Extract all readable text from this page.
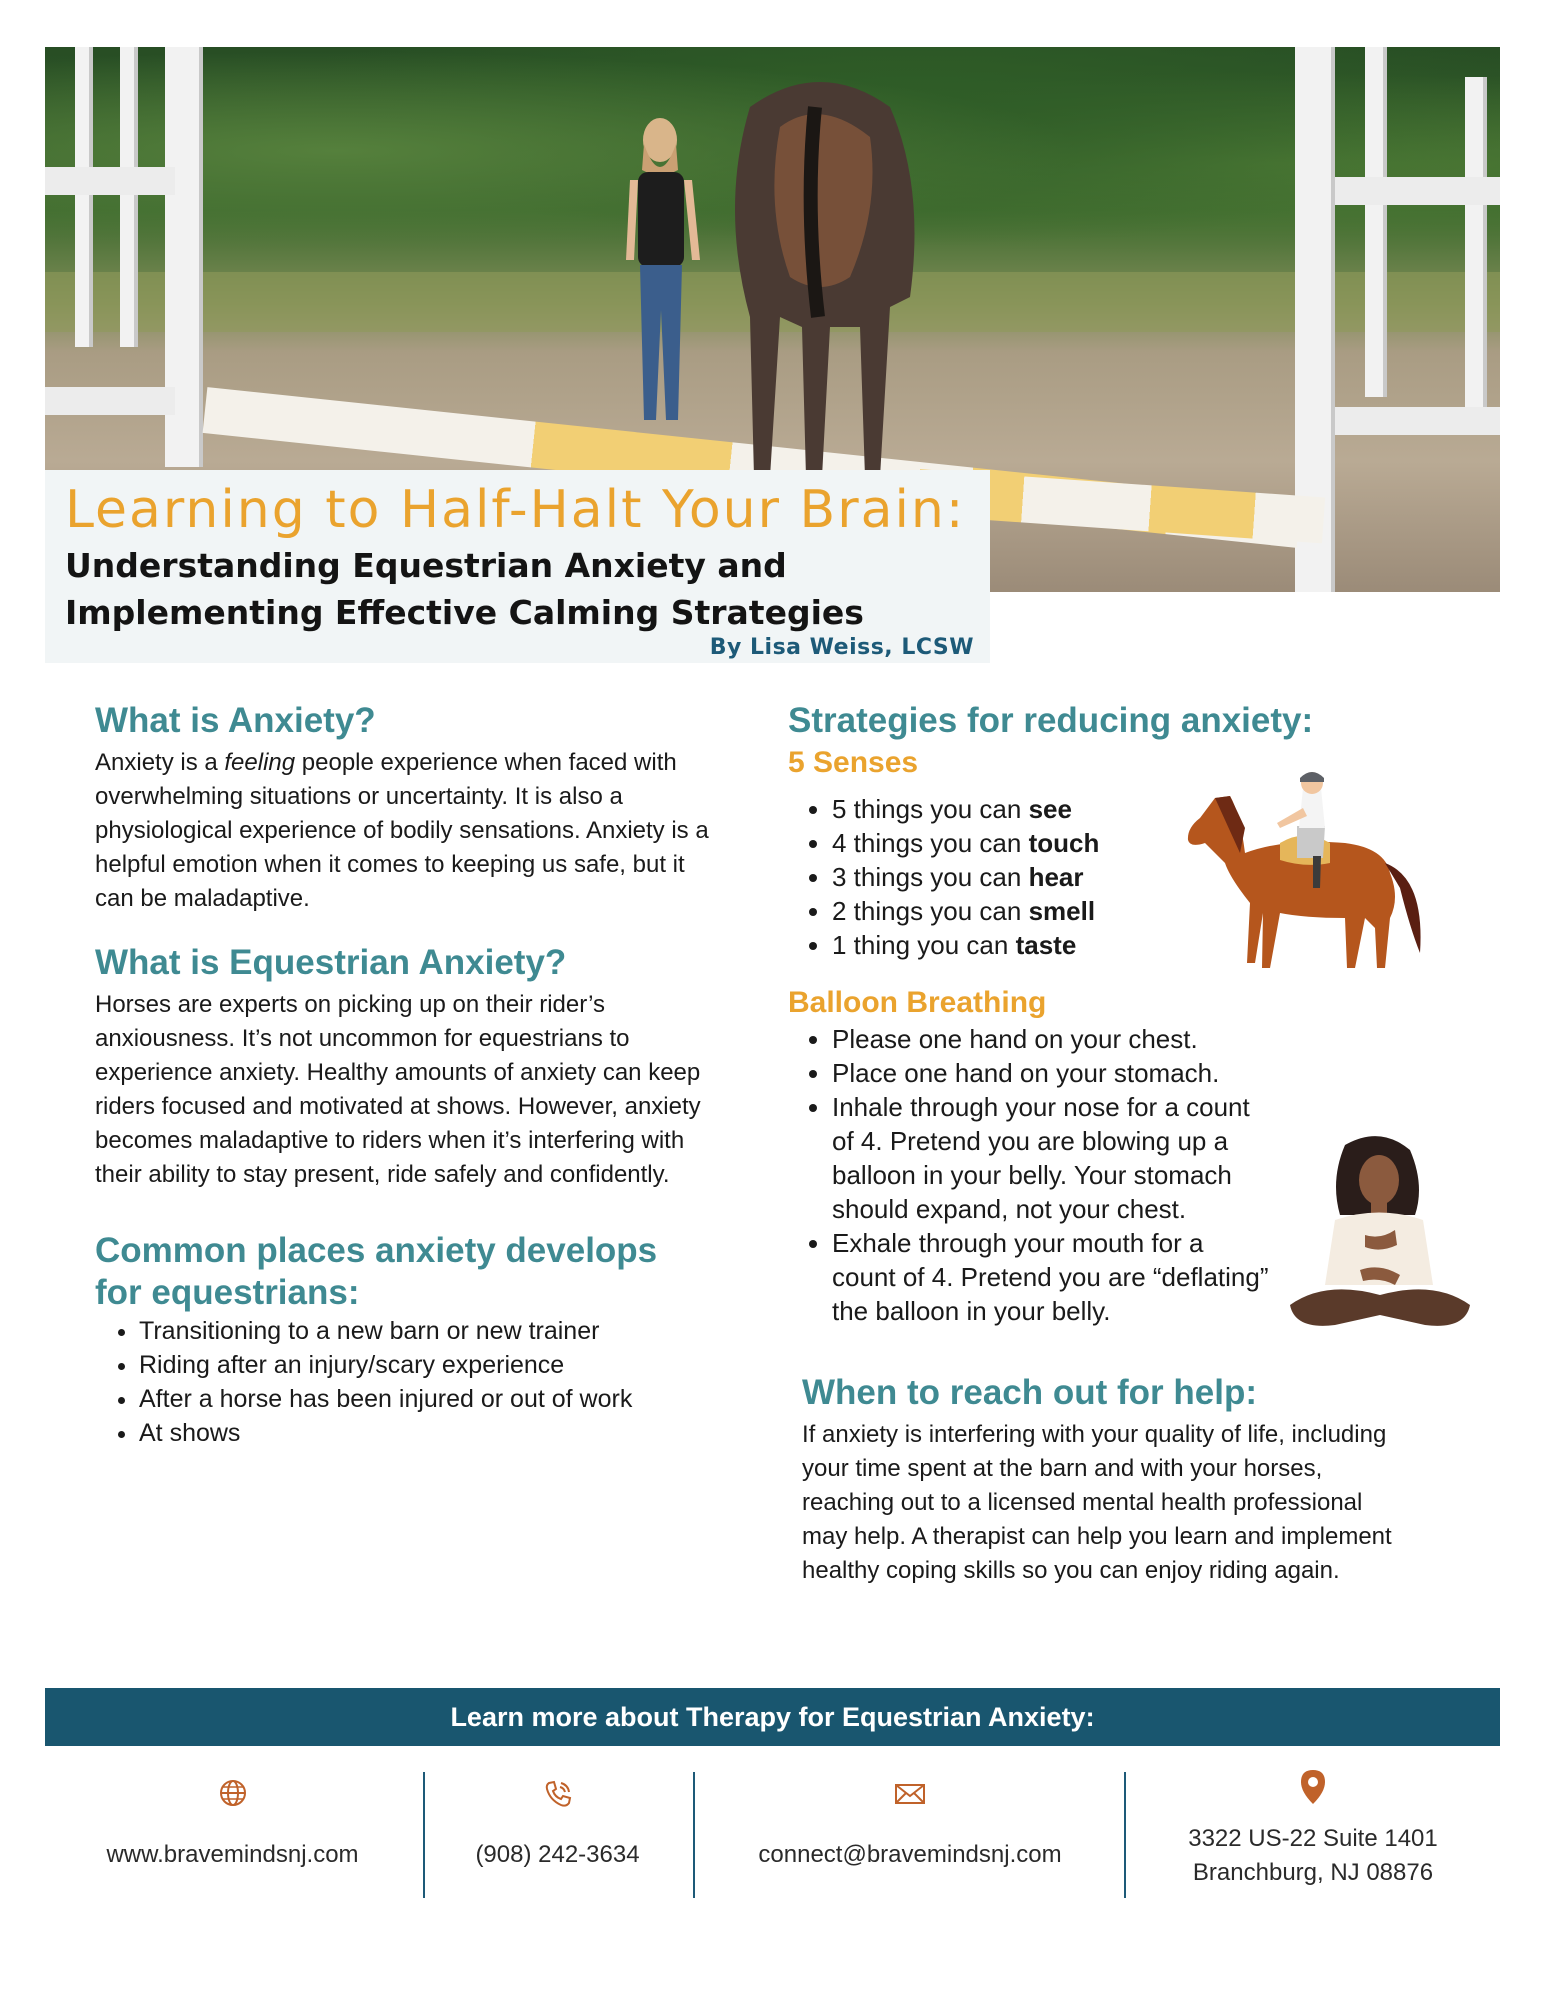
Learning to Half-Halt Your Brain:
Understanding Equestrian Anxiety and
Implementing Effective Calming Strategies
By Lisa Weiss, LCSW
What is Anxiety?

Anxiety is a feeling people experience when faced with overwhelming situations or uncertainty. It is also a physiological experience of bodily sensations. Anxiety is a helpful emotion when it comes to keeping us safe, but it can be maladaptive.

What is Equestrian Anxiety?

Horses are experts on picking up on their rider’s anxiousness. It’s not uncommon for equestrians to experience anxiety. Healthy amounts of anxiety can keep riders focused and motivated at shows. However, anxiety becomes maladaptive to riders when it’s interfering with their ability to stay present, ride safely and confidently.

Common places anxiety develops
for equestrians:
• Transitioning to a new barn or new trainer
• Riding after an injury/scary experience
• After a horse has been injured or out of work
• At shows
Strategies for reducing anxiety:
5 Senses
• 5 things you can see
• 4 things you can touch
• 3 things you can hear
• 2 things you can smell
• 1 thing you can taste
Balloon Breathing
• Please one hand on your chest.
• Place one hand on your stomach.
• Inhale through your nose for a count of 4. Pretend you are blowing up a balloon in your belly. Your stomach should expand, not your chest.
• Exhale through your mouth for a count of 4. Pretend you are “deflating” the balloon in your belly.
When to reach out for help:

If anxiety is interfering with your quality of life, including your time spent at the barn and with your horses, reaching out to a licensed mental health professional may help. A therapist can help you learn and implement healthy coping skills so you can enjoy riding again.

Learn more about Therapy for Equestrian Anxiety:
www.bravemindsnj.com	(908) 242-3634	connect@bravemindsnj.com
3322 US-22 Suite 1401
Branchburg, NJ 08876
